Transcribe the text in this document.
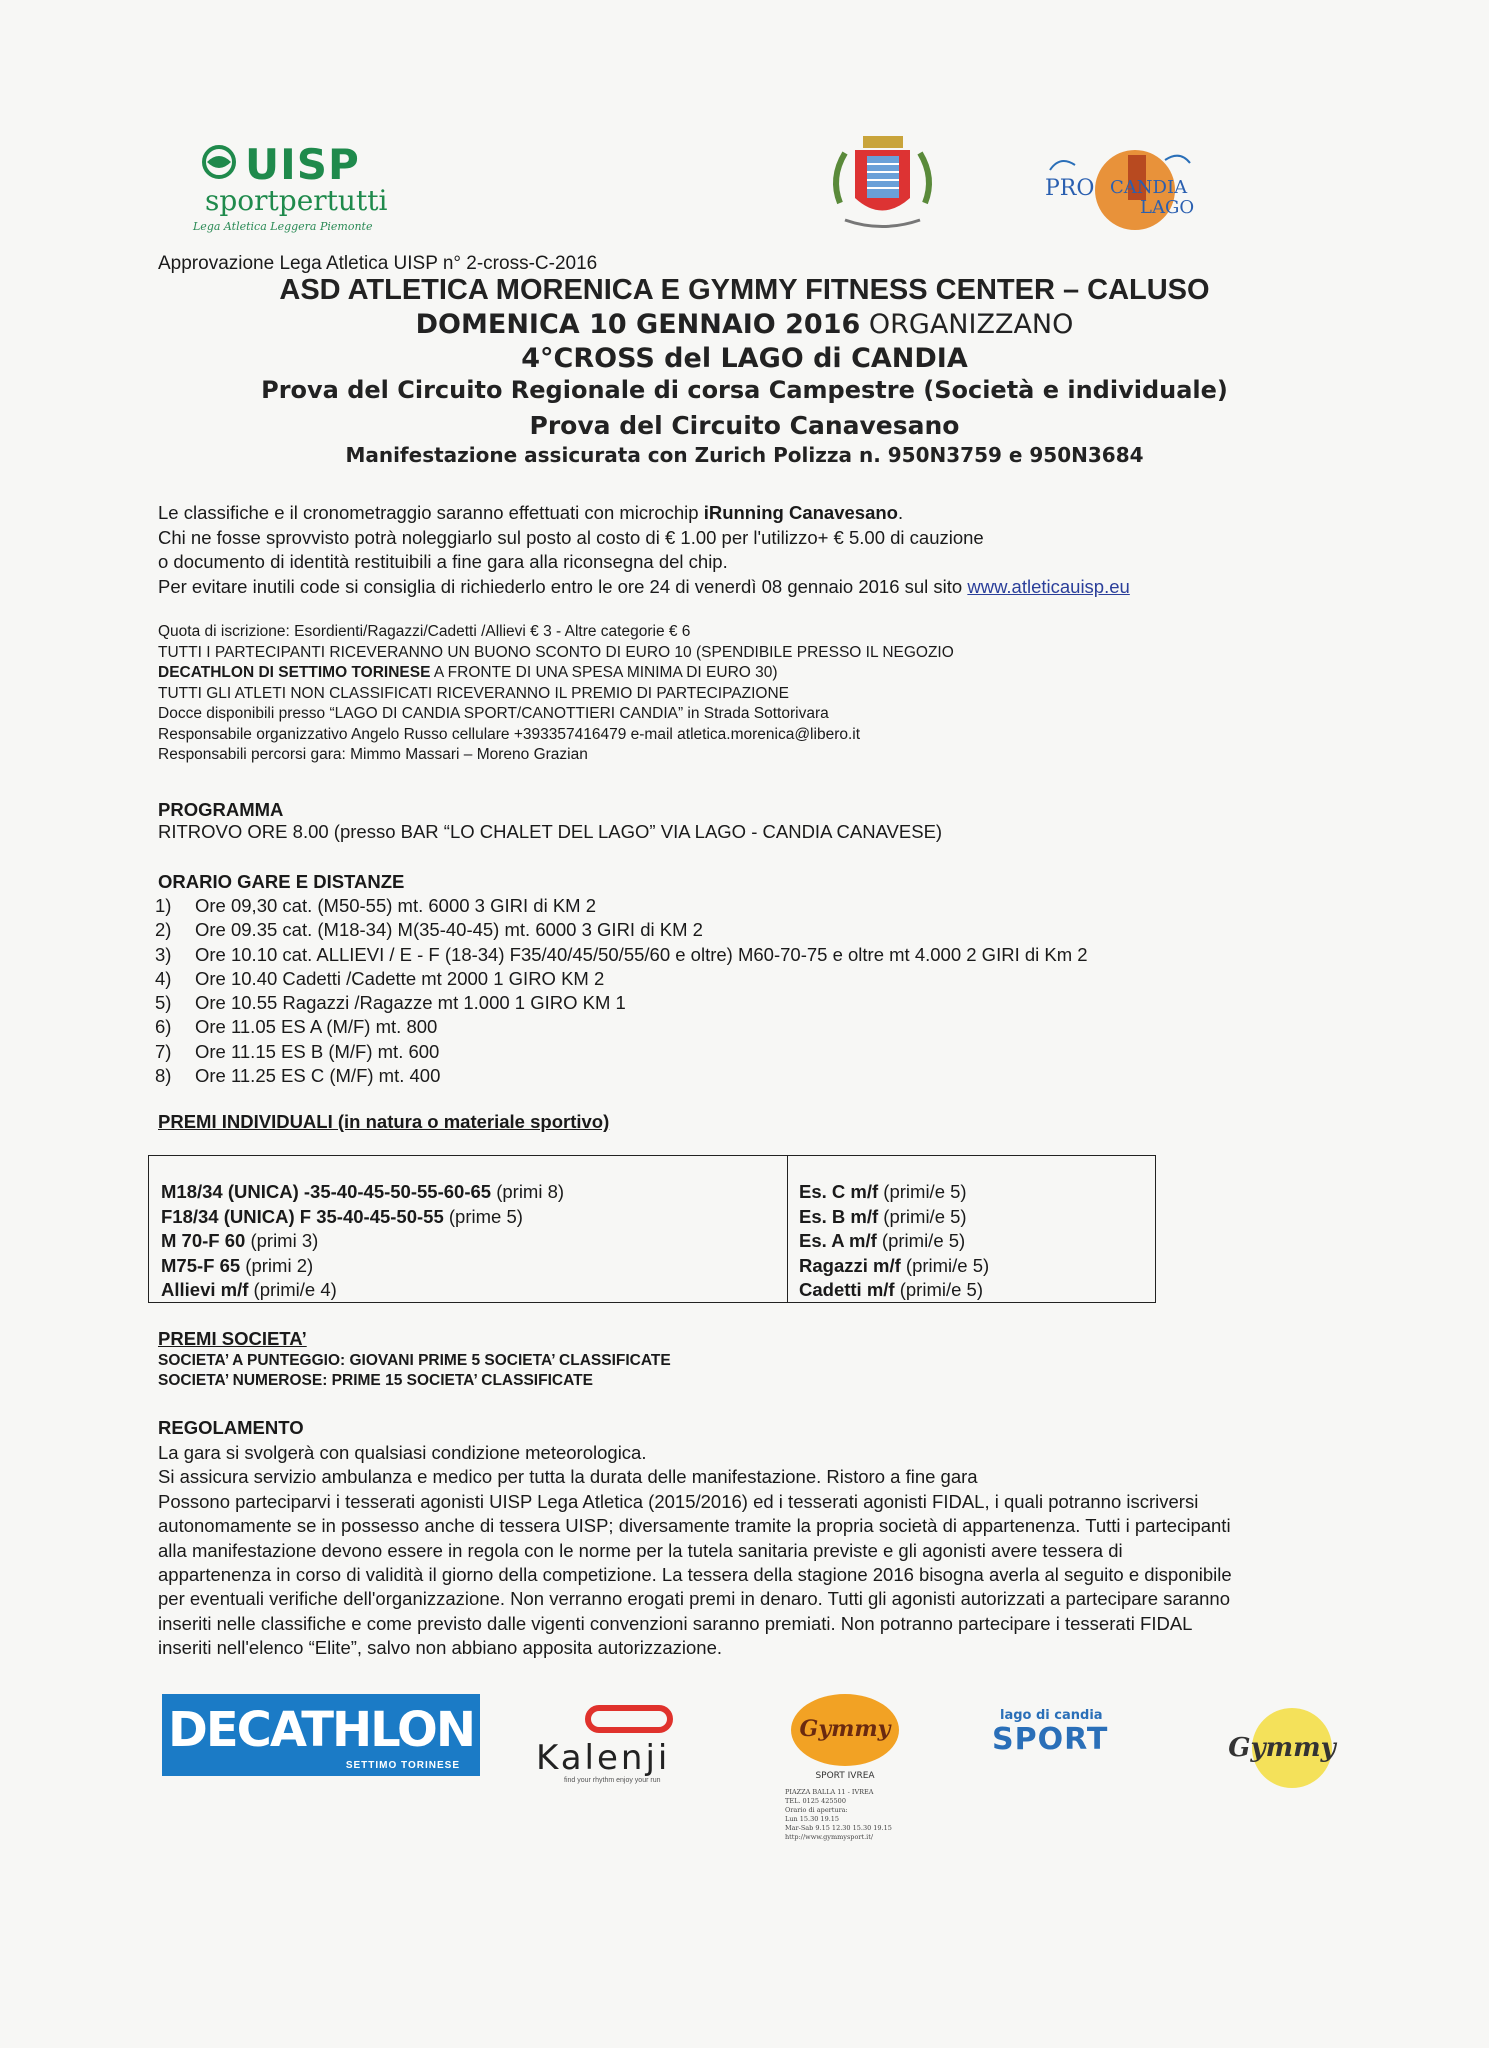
UISP
sportpertutti
Lega Atletica Leggera Piemonte
PRO CANDIA
LAGO
Approvazione Lega Atletica UISP n° 2-cross-C-2016
ASD ATLETICA MORENICA E GYMMY FITNESS CENTER – CALUSO
DOMENICA 10 GENNAIO 2016 ORGANIZZANO
4°CROSS del LAGO di CANDIA
Prova del Circuito Regionale di corsa Campestre (Società e individuale)
Prova del Circuito Canavesano
Manifestazione assicurata con Zurich Polizza n. 950N3759 e 950N3684
Le classifiche e il cronometraggio saranno effettuati con microchip iRunning Canavesano.
Chi ne fosse sprovvisto potrà noleggiarlo sul posto al costo di € 1.00 per l'utilizzo+ € 5.00 di cauzione
o documento di identità restituibili a fine gara alla riconsegna del chip.
Per evitare inutili code si consiglia di richiederlo entro le ore 24 di venerdì 08 gennaio 2016 sul sito www.atleticauisp.eu
Quota di iscrizione: Esordienti/Ragazzi/Cadetti /Allievi € 3 - Altre categorie € 6
TUTTI I PARTECIPANTI RICEVERANNO UN BUONO SCONTO DI EURO 10 (SPENDIBILE PRESSO IL NEGOZIO
DECATHLON DI SETTIMO TORINESE A FRONTE DI UNA SPESA MINIMA DI EURO 30)
TUTTI GLI ATLETI NON CLASSIFICATI RICEVERANNO IL PREMIO DI PARTECIPAZIONE
Docce disponibili presso “LAGO DI CANDIA SPORT/CANOTTIERI CANDIA” in Strada Sottorivara
Responsabile organizzativo Angelo Russo cellulare +393357416479 e-mail atletica.morenica@libero.it
Responsabili percorsi gara: Mimmo Massari – Moreno Grazian
PROGRAMMA
RITROVO ORE 8.00 (presso BAR “LO CHALET DEL LAGO” VIA LAGO - CANDIA CANAVESE)
ORARIO GARE E DISTANZE
1) Ore 09,30 cat. (M50-55) mt. 6000 3 GIRI di KM 2
2) Ore 09.35 cat. (M18-34) M(35-40-45) mt. 6000 3 GIRI di KM 2
3) Ore 10.10 cat. ALLIEVI / E - F (18-34) F35/40/45/50/55/60 e oltre) M60-70-75 e oltre mt 4.000 2 GIRI di Km 2
4) Ore 10.40 Cadetti /Cadette mt 2000 1 GIRO KM 2
5) Ore 10.55 Ragazzi /Ragazze mt 1.000 1 GIRO KM 1
6) Ore 11.05 ES A (M/F) mt. 800
7) Ore 11.15 ES B (M/F) mt. 600
8) Ore 11.25 ES C (M/F) mt. 400
PREMI INDIVIDUALI (in natura o materiale sportivo)
M18/34 (UNICA) -35-40-45-50-55-60-65 (primi 8)
F18/34 (UNICA) F 35-40-45-50-55 (prime 5)
M 70-F 60 (primi 3)
M75-F 65 (primi 2)
Allievi m/f (primi/e 4)
Es. C m/f (primi/e 5)
Es. B m/f (primi/e 5)
Es. A m/f (primi/e 5)
Ragazzi m/f (primi/e 5)
Cadetti m/f (primi/e 5)
PREMI SOCIETA’
SOCIETA’ A PUNTEGGIO: GIOVANI PRIME 5 SOCIETA’ CLASSIFICATE
SOCIETA’ NUMEROSE: PRIME 15 SOCIETA’ CLASSIFICATE
REGOLAMENTO
La gara si svolgerà con qualsiasi condizione meteorologica.
Si assicura servizio ambulanza e medico per tutta la durata delle manifestazione. Ristoro a fine gara
Possono parteciparvi i tesserati agonisti UISP Lega Atletica (2015/2016) ed i tesserati agonisti FIDAL, i quali potranno iscriversi
autonomamente se in possesso anche di tessera UISP; diversamente tramite la propria società di appartenenza. Tutti i partecipanti
alla manifestazione devono essere in regola con le norme per la tutela sanitaria previste e gli agonisti avere tessera di
appartenenza in corso di validità il giorno della competizione. La tessera della stagione 2016 bisogna averla al seguito e disponibile
per eventuali verifiche dell'organizzazione. Non verranno erogati premi in denaro. Tutti gli agonisti autorizzati a partecipare saranno
inseriti nelle classifiche e come previsto dalle vigenti convenzioni saranno premiati. Non potranno partecipare i tesserati FIDAL
inseriti nell'elenco “Elite”, salvo non abbiano apposita autorizzazione.
DECATHLON
SETTIMO TORINESE Kalenji
find your rhythm enjoy your run
Gymmy
SPORT IVREA
PIAZZA BALLA 11 - IVREA
TEL. 0125 425500
Orario di apertura:
Lun 15.30 19.15
Mar-Sab 9.15 12.30 15.30 19.15
http://www.gymmysport.it/
lago di candia
SPORT	Gymmy
